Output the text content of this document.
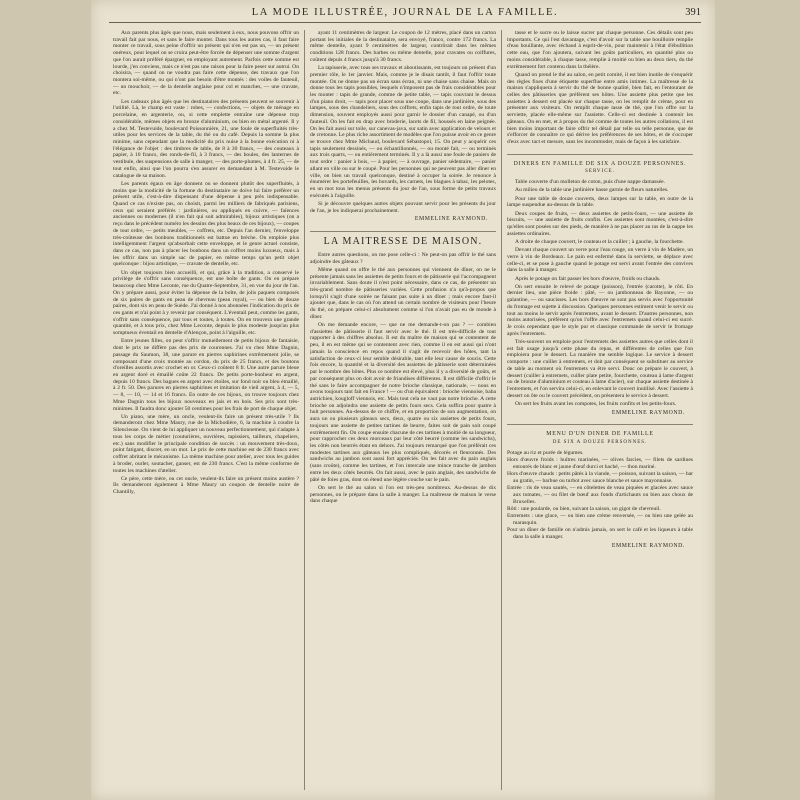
LA MODE ILLUSTRÉE, JOURNAL DE LA FAMILLE.	391

Aux parents plus âgés que nous, mais seulement à eux, nous pouvons offrir un travail fait par nous, et sans le faire monter. Dans tous les autres cas, il faut faire monter ce travail, sous peine d'offrir un présent qui n'en est pas un, — un présent onéreux, pour lequel on se croira peut-être forcée de dépenser une somme d'argent que l'on aurait préféré épargner, en employant autrement. Parfois cette somme est lourde, j'en conviens, mais ce n'est pas une raison pour la faire peser sur autrui. On choisira, — quand on ne voudra pas faire cette dépense, des travaux que l'on montera soi-même, ou qui n'ont pas besoin d'être montés : des voiles de fauteuil, — un mouchoir, — de la dentelle anglaise pour col et manches, — une cravate, etc.

Les cadeaux plus âgés que les destinataires des présents peuvent se souvenir à l'utilité. Là, le champ est vaste : robes, — confections, — objets de ménage en porcelaine, en argenterie, ou, si cette emplette entraîne une dépense trop considérable, mêmes objets en bronze d'aluminium, ou bien en métal argenté. Il y a chez M. Testevuide, boulevard Poissonnière, 21, une foule de superfluités très-utiles pour les services de la table, du thé ou du café. Depuis la somme la plus minime, sans cependant que la modicité du prix nuise à la bonne exécution ni à l'élégance de l'objet : des timbres de table, de 8 à 30 francs, — des couteaux à papier, à 10 francs, des ronds-de-fil, à 3 francs, — des boules, des lanternes de vestibule, des suspensions de salle à manger, — des porte-plumes, à 4 fr. 25, — de tout enfin, ainsi que l'on pourra s'en assurer en demandant à M. Testevuide le catalogue de sa maison.

Les parents égaux en âge donnent ou se donnent plutôt des superfluités, à moins que la modicité de la fortune du destinataire ne doive lui faire préférer un présent utile, c'est-à-dire dispensant d'une dépense à peu près indispensable. Quand ce cas n'existe pas, on choisit, parmi les milliers de fabriqués parisiens, ceux qui seraient préférés : jardinières, ou appliqués en cuivre, — faïences anciennes ou modernes (il n'en fait qui soit admirables), bijoux artistiques (on a reçu dans le précédent numéro les dessins des plus beaux de ces bijoux), — coupes de tout ordre, — petits meubles, — coffrets, etc. Depuis l'an dernier, l'enveloppe très-coûteuse des bonbons traditionnels est battue en brèche. On emploie plus intelligemment l'argent qu'absorbait cette enveloppe, et le genre actuel consiste, dans ce cas, non pas à placer les bonbons dans un coffret moins luxueux, mais à les offrir dans un simple sac de papier, en même temps qu'un petit objet quelconque : bijou artistique, — cravate de dentelle, etc.

Un objet toujours bien accueilli, et qui, grâce à la tradition, a conservé le privilège de s'offrir sans conséquence, est une boîte de gants. On en prépare beaucoup chez Mme Leconte, rue du Quatre-Septembre, 31, en vue du jour de l'an. On y prépare aussi, pour éviter la dépense de la boîte, de jolis paquets composés de six paires de gants en peau de chevreau (peau royal), — ou bien de douze paires, dont six en peau de Suède. J'ai donné à nos abonnées l'indication du prix de ces gants et n'ai point à y revenir par conséquent. L'éventail peut, comme les gants, s'offrir sans conséquence, par tous et toutes, à toutes. On en trouvera une grande quantité, et à tous prix, chez Mme Leconte, depuis le plus modeste jusqu'au plus somptueux éventail en dentelle d'Alençon, point à l'aiguille, etc.

Entre jeunes filles, on peut s'offrir mutuellement de petits bijoux de fantaisie, dont le prix ne diffère pas des prix de couronnes. J'ai vu chez Mme Dagnin, passage du Saumon, 38, une parure en pierres saphirines extrêmement jolie, se composant d'une croix montée au cordon, du prix de 25 francs, et des boutons d'oreilles assortis avec crochet en or. Ceux-ci coûtent 8 fr. Une autre parure bleue en argent doré et émaillé coûte 22 francs. De petits porte-bonheur en argent, depuis 10 francs. Des bagues en argent avec étoiles, sur fond noir ou bleu émaillé, à 2 fr. 50. Des parures en pierres saphirines et imitation de vieil argent, à 4, — 5, — 8, — 10, — 14 et 16 francs. En outre de ces bijoux, on trouve toujours chez Mme Dagnin tous les bijoux nouveaux en jais et en bois. Ses prix sont très-minimes. Il faudra donc ajouter 50 centimes pour les frais de port de chaque objet.

Un piano, une mère, un oncle, veulent-ils faire un présent très-utile ? Ils demanderont chez Mme Maury, rue de la Michodière, 6, la machine à coudre la Silencieuse. On vient de lui appliquer un nouveau perfectionnement, qui s'adapte à tous les corps de métier (couturières, ouvrières, tapissiers, tailleurs, chapeliers, etc.) sans modifier le principale condition de succès : un mouvement très-doux, point fatigant, discret, en un mot. Le prix de cette machine est de 230 francs avec coffret abritant le mécanisme. La même machine pour atelier, avec tous les guides à broder, ourler, soutacher, ganser, est de 230 francs. C'est la même conforme de toutes les machines d'atelier.

Ce père, cette mère, ou cet oncle, veulent-ils faire un présent moins austère ? Ils demanderont également à Mme Maury un coupon de dentelle noire de Chantilly,

ayant 11 centimètres de largeur. Le coupon de 12 mètres, placé dans un carton portant les initiales de la destinataire, sera envoyé, franco, contre 172 francs. La même dentelle, ayant 9 centimètres de largeur, contrôrait dans les mêmes conditions 128 francs. Des barbes ou même dentelle, pour cravates ou coiffures, coûtent depuis 4 francs jusqu'à 30 francs.

La tapisserie, avec tous ses travaux et aboutissants, est toujours un présent d'un premier rôle, le 1er janvier. Mais, comme je le disais tantôt, il faut l'offrir toute montée. On ne donne pas un écran sans écran, ni une chaise sans chaise. Mais on donne tous les tapis possibles, lesquels n'imposent pas de frais considérables pour les monter : tapis de grande, comme de petite table, — tapis couvrant le dessus d'un piano droit, — tapis pour placer sous une coupe, dans une jardinière, sous des lampes, sous des chandeliers, sous des coffrets, enfin tapis de tout ordre, de toute dimension, souvent employés aussi pour garnir le dossier d'un canapé, ou d'un fauteuil. On les fait en drap avec broderie, lacets de fil, houssés en laine peignée. On les fait aussi sur toile, sur canevas-java, sur satin avec application de velours et de cretonne. Le plus riche assortiment de modèles que l'on puisse avoir en ce genre se trouve chez Mme Michaud, boulevard Sébastopol, 15. On peut y acquérir ces tapis seulement dessinés, — ou échantillonnés, — ou monté fait, — ou terminés aux trois quarts, — ou entièrement terminés. Il y a là aussi une foule de paniers de tout ordre : panier à bois, — à papier, — à ouvrage, panier sédentaire, — panier allant en ville ou sur le coupé. Pour les personnes qui ne peuvent pas aller dîner en ville, on bien un travail quelconque, destiné à occuper la soirée. Je renonce à énumérer les portefeuilles, les buvards, les carnets, les blagues à tabac, les pelotes, en un mot tous les menus présents du jour de l'an, sous forme de petits travaux exécutés à l'aiguille.

Si je découvre quelques autres objets pouvant servir pour les présents du jour de l'an, je les indiquerai prochainement.

EMMELINE RAYMOND.
LA MAITRESSE DE MAISON.

Entre autres questions, on me pose celle-ci : Ne peut-on pas offrir le thé sans adjoindre des gâteaux ?

Même quand on offre le thé aux personnes qui viennent de dîner, on ne le présente jamais sans les assiettes de petits fours et de pâtisserie qui l'accompagnent invariablement. Sans doute il n'est point nécessaire, dans ce cas, de présenter un très-grand nombre de pâtisseries variées. Cette profusion n'a qu'à-propos que lorsqu'il s'agit d'une soirée ne faisant pas suite à un dîner ; mais encore faut-il ajouter que, dans le cas où l'on attend un certain nombre de visiteurs pour l'heure du thé, on prépare celui-ci absolument comme si l'on n'avait pas eu de monde à dîner.

On me demande encore, — que ne me demande-t-on pas ? — combien d'assiettes de pâtisserie il faut servir avec le thé. Il est très-difficile de tout rapporter à des chiffres absolus. Il est du maître de maison qui se contentent de peu, il en est même qui se contentent avec rien, comme il en est aussi qui n'ont jamais la conscience en repos quand il s'agit de recevoir des hôtes, tant la satisfaction de ceux-ci leur semble désirable, tant elle leur cause de soucis. Cette fois encore, la quantité et la diversité des assiettes de pâtisserie sont déterminées par le nombre des hôtes. Plus ce nombre est élevé, plus il y a diversité de goûts, et par conséquent plus on doit avoir de friandises différentes. Il est difficile d'offrir le thé sans le faire accompagner de notre brioche classique, nationale, — nous en avons toujours tant fait en France ! — ou d'un équivalent : brioche viennoise, baba autrichien, kougloff viennois, etc. Mais tout cela ne vaut pas notre brioche. A cette brioche on adjoindra une assiette de petits fours secs. Cela suffira pour quatre à huit personnes. Au-dessus de ce chiffre, et en proportion de son augmentation, on aura un ou plusieurs gâteaux secs, deux, quatre ou six assiettes de petits fours, toujours une assiette de petites tartines de beurre, faites soit de pain soit coupé extrêmement fin. On coupe ensuite chacune de ces tartines à moitié de sa longueur, pour rapprocher ces deux morceaux par leur côté beurré (comme les sandwichs), les côtés non beurrés étant en dehors. J'ai toujours remarqué que l'on préférait ces modestes tartines aux gâteaux les plus compliqués, décorés et fleuronnés. Des sandwichs au jambon sont aussi fort appréciés. On les fait avec du pain anglais (sans croûte), comme les tartines, et l'on intercale une mince tranche de jambon entre les deux côtés beurrés. On fait aussi, avec le pain anglais, des sandwichs de pâté de foies gras, dont on étend une légère couche sur le pain.

On sert le thé au salon si l'on est très-peu nombreux. Au-dessus de dix personnes, on le prépare dans la salle à manger. La maîtresse de maison le verse dans chaque

tasse et le sucre ou le laisse sucrer par chaque personne. Ces détails sont peu importants. Ce qui l'est davantage, c'est d'avoir sur la table une bouilloire remplie d'eau bouillante, avec réchaud à esprit-de-vin, pour maintenir à l'état d'ébullition cette eau, que l'on ajoutera, suivant les goûts particuliers, en quantité plus ou moins considérable, à chaque tasse, remplie à moitié ou bien au deux tiers, du thé extrêmement fort contenu dans la théière.

Quand on prend le thé au salon, en petit comité, il est bien inutile de s'enquérir des règles fixes d'une étiquette superflue entre amis intimes. La maîtresse de la maison s'appliquera à servir du thé de bonne qualité, bien fait, en l'entourant de celles des pâtisseries que préfèrent ses hôtes. Une assiette plus petite que les assiettes à dessert est placée sur chaque tasse, on les remplit de crème, pour en présenter aux visiteurs. On remplit chaque tasse de thé, que l'on offre sur la serviette, placée elle-même sur l'assiette. Celle-ci est destinée à contenir les gâteaux. On en met, et à propos du thé comme de toutes les autres collations, il est bien moins important de faire offrir tel détail par telle ou telle personne, que de s'efforcer de connaître ce qui dérive les préférences de ses hôtes, et de s'occuper d'eux avec tact et mesure, sans les incommoder, mais de façon à les satisfaire.

DINERS EN FAMILLE DE SIX A DOUZE PERSONNES.
SERVICE.

Table couverte d'un molleton de coton, puis d'une nappe damassée.

Au milieu de la table une jardinière basse garnie de fleurs naturelles.

Pour une table de douze couverts, deux lampes sur la table, en outre de la lampe suspendue au-dessus de la table.

Deux coupes de fruits, — deux assiettes de petits-fours, — une assiette de biscuits, — une assiette de fruits confits. Ces assiettes sont montées, c'est-à-dire qu'elles sont posées sur des pieds, de manière à ne pas placer au ras de la nappe les assiettes ordinaires.

A droite de chaque couvert, le couteau et la cuiller ; à gauche, la fourchette.

Devant chaque couvert un verre pour l'eau rouge, un verre à vin de Madère, un verre à vin de Bordeaux. Le pain est enfermé dans la serviette, se déplace avec celle-ci, et se pose à gauche quand le potage est servi avant l'entrée des convives dans la salle à manger.

Après le potage on fait passer les hors d'œuvre, froids ou chauds.

On sert ensuite le relevé de potage (poisson), l'entrée (carotte), le rôti. En dernier lieu, une pièce froide : pâté, — ou jambonneau de Bayonne, — ou galantine, — ou saucisses. Les hors d'œuvre ne sont pas servis avec l'opportunité du fromage est sujette à discussion. Quelques personnes estiment venir le servir ou tout au moins le servir après l'entremets, avant le dessert. D'autres personnes, non moins autorisées, préfèrent qu'on l'offre avec l'entremets quand celui-ci est sucré. Je crois cependant que le style pur et classique commande de servir le fromage après l'entremets.

Très-souvent on emploie pour l'entremets des assiettes autres que celles dont il est fait usage jusqu'à cette phase du repas, et différentes de celles que l'on emploiera pour le dessert. La manière me semble logique. Le service à dessert comporte : une cuiller à entremets, et doit par conséquent se substituer au service de table au moment où l'entremets va être servi. Donc on prépare le couvert, à dessert (cuiller à entremets, cuiller plate petite, fourchette, couteau à lame d'argent ou de bronze d'aluminium et couteau à lame d'acier), sur chaque assiette destinée à l'entremets, et l'on servira celui-ci, en enlevant le couvert inutilisé. Avec l'assiette à dessert on ôte ou le couvert précédent, on présentera le service à dessert.

On sert les fruits avant les compotes, les fruits confits et les petits-fours.

EMMELINE RAYMOND.
MENU D'UN DINER DE FAMILLE
DE SIX A DOUZE PERSONNES.
Potage au riz et purée de légumes.
Hors d'œuvre froids : huîtres marinées, — olives farcies, — filets de sardines entourés de blanc et jaune d'œuf durci et haché, — thon mariné.
Hors d'œuvre chauds : petits pâtés à la viande, — poisson, suivant la saison, — bar au gratin, — barbue ou turbot avec sauce blanche et sauce mayonnaise.
Entrée : ris de veau sautés, — en côtelettes de veau piquées et glacées avec sauce aux tomates, — ou filet de bœuf aux fonds d'artichauts ou bien aux choux de Bruxelles.
Rôti : une poularde, ou bien, suivant la saison, un gigot de chevreuil.
Entremets : une glace, — ou bien une crème renversée, — ou bien une gelée au marasquin.
Pour un dîner de famille on n'admis jamais, on sert le café et les liqueurs à table dans la salle à manger.
EMMELINE RAYMOND.
